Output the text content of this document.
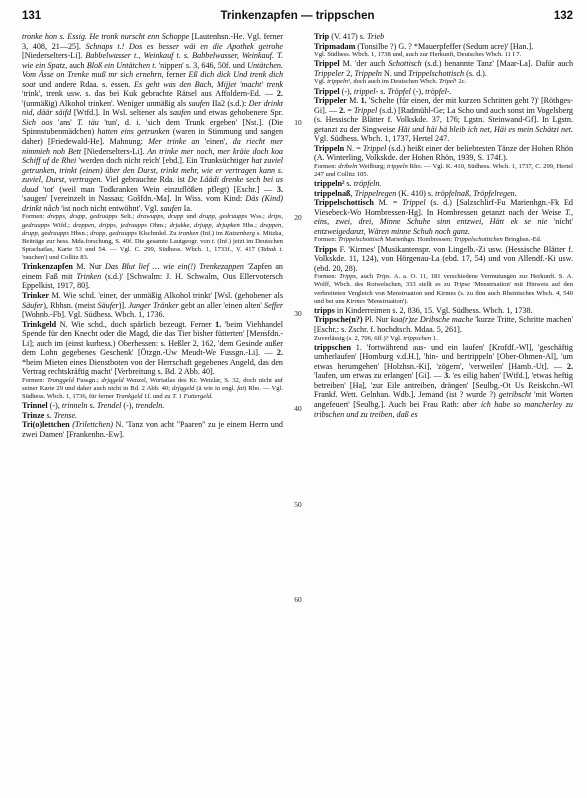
131	Trinkenzapfen — trippschen	132

tronke hon s. Essig. He tronk nurscht enn Schoppe [Lautenhsn.-He. Vgl. ferner 3, 408, 21—25]. Schnaps t.! Dos es besser wäi en die Apothek getrohe [Niederselters-Li]. Babbelwasser t., Weinkauf t. s. Babbelwasser, Weinkauf. T. wie ein Spatz, auch Bloß ein Untätchen t. 'nippen' s. 3, 646, 50f. und Untätchen. Vom Ässe on Trenke muß mr sich ernehrn, ferner Eß dich dick Und trenk dich soat und andere Rdaa. s. essen. Es geht was den Bach, Mijjet 'macht' trenk 'trink', trenk usw. s. das bei Kuk gebrachte Rätsel aus Affoldern-Ed. — 2. '(unmäßig) Alkohol trinken'. Weniger unmäßig als saufen IIa2 (s.d.): Der drinkt nid, däär säifd [Wtfd.]. In Wsl. seltener als saufen und etwas gehobenere Spr. Sich oos 'ans' T. täu 'tun', d. i. 'sich dem Trunk ergeben' [Nst.]. (Die Spinnstubenmädchen) hatten eins getrunken (waren in Stimmung und sangen daher) [Friedewald-He]. Mahnung: Mer trinke an 'einen', da riecht mer nimmieh noh Bett [Niederselters-Li]. An trinke mer noch, mer kräie doch koa Schiff uf de Rhei 'werden doch nicht reich' [ebd.]. Ein Trunksüchtiger hat zuviel getrunken, trinkt (einen) über den Durst, trinkt mehr, wie er vertragen kann s. zuviel, Durst, vertragen. Viel gebrauchte Rda. ist De Läädi drenke sech bei us duud 'tot' (weil man Todkranken Wein einzuflößen pflegt) [Eschr.] — 3. 'saugen' [vereinzelt in Nassau; Gošfdn.-Ma]. In Wiss. vom Kind: Däs (Kind) drinkt nåch 'ist noch nicht entwöhnt'. Vgl. saufen Ia.

Formen: drepps, drupp, gedruupps Selt.; drawupps, drupp und drupp, gedruupps Wss.; drips, gedruupps Wtfd.; dreppen, dripps, jedruupps Ohm.; drjukke, drjupp, drjupken Hbs.; dreppen, drupp, gedruupps Hbsn.; dropp, gedruupps Klschmkd. Zu tranken (Inf.) im Katzenberg s. Mitzka, Beiträge zur hess. Mda.forschung, S. 40f. Die gesamte Lautgeogr. von t. (Inf.) jetzt im Deutschen Sprachatlas, Karte 53 und 54. — Vgl. C. 299, Südhess. Wbch. 1, 1733f., V. 417 (Tabak t. 'rauchen') und Collitz 83.

Trinkenzapfen M. Nur Das Blut lief … wie ein(!) Trenkezappen 'Zapfen an einem Faß mit Trinken (s.d.)' [Schwalm: J. H. Schwalm, Ous Ellervotersch Eppelkist, 1917, 80].

Trinker M. Wie schd. 'einer, der unmäßig Alkohol trinkt' [Wsl. (gehobener als Säufer), Rbhsn. (meist Säufer)]. Junger Tränker gebt an aller 'einen alten' Seffer [Wohnb.-Fb]. Vgl. Südhess. Wbch. 1, 1736.

Trinkgeld N. Wie schd., doch spärlich bezeugt. Ferner 1. 'beim Viehhandel Spende für den Knecht oder die Magd, die das Tier bisher fütterten' [Mensfdn.-Li]; auch im (einst kurhess.) Oberhessen: s. Heßler 2, 162, 'dem Gesinde außer dem Lohn gegebenes Geschenk' [Ötzgn.-Uw Meudt-We Fussgn.-Li]. — 2. *beim Mieten eines Dienstboten von der Herrschaft gegebenes Angeld, das den Vertrag rechtskräftig macht' [Verbreitung s. Bd. 2 Abb. 40].

Formen: Tronggeld Fussgn.; drjqgeld Wenzel, Wortatlas des Kr. Wetzlar, S. 32, doch nicht auf seiner Karte 29 und daher auch nicht in Bd. 2 Abb. 40; drjqgeld (ä wie in engl. fat) Rho. — Vgl. Südhess. Wbch. 1, 1736, für ferner Trankgeld 1f. und zu T. 1 Futtergeld.

Trinnel (-), trinneln s. Trendel (-), trendeln.

Trinze s. Trense.

Tri(o)lettchen (Trilettchen) N. 'Tanz von acht "Paaren" zu je einem Herrn und zwei Damen' [Frankenhn.-Ew].

10
20
30
40
50
60

Trip (V. 417) s. Trieb

Tripmadam (Tonsilbe ?) G. ? *Mauerpfeffer (Sedum acre)' [Han.].

Vgl. Südhess. Wbch. 1, 1738 und, auch zur Herkunft, Deutsches Wbch. 11 I 7.

Trippel M. 'der auch Schottisch (s.d.) benannte Tanz' [Maar-La]. Dafür auch Trippeler 2, Trippeln N. und Trippelschottisch (s. d.).

Vgl. trippeln¹, doch auch im Deutschen Wbch. Tripel¹ 2c.

Trippel (-), trippel- s. Tröpfel (-), tröpfel-.

Trippeler M. 1. 'Schelte (für einen, der mit kurzen Schritten geht ?)' [Röthges-Gi]. — 2. = Trippel (s.d.) [Radmühl-Ge; La Scho und auch sonst im Vogelsberg (s. Hessische Blätter f. Volkskde. 37, 176; Lgstn. Steinwand-Gf]. In Lgstn. getanzt zu der Singweise Häi und häi hä bleib ich net, Häi es mein Schätzi net. Vgl. Südhess. Wbch. 1, 1737, Hertel 247.

Trippeln N. = Trippel (s.d.) heißt einer der beliebtesten Tänze der Hohen Rhön (A. Winterling, Volkskde. der Hohen Rhön, 1939, S. 174f.).

Formen: dribeln Weilburg; trippeln Rho. — Vgl. K. 410, Südhess. Wbch. 1, 1737, C. 299, Hertel 247 und Collitz 105.

trippeln² s. tröpfeln.

trippelnaß, Trippelregen (K. 410) s. tröpfelnaß, Tröpfelregen.

Trippelschottisch M. = Trippel (s. d.) [Salzschlirf-Fu Marienhgn.-Fk Ed Viesebeck-Wo Hombressen-Hg]. In Hombressen getanzt nach der Weise T., eins, zwei, drei, Minne Schuhe sinn entzwei, Hätt ek se nie 'nicht' entzweigedanzt, Wären minne Schuh noch ganz.

Formen: Trippelschottisch Marienhgn. Hombressen; Trippelschottichen Bringhsn.-Ed.

Tripps F. 'Kirmes' [Musikantenspr. von Lingelb.-Zi usw. (Hessische Blätter f. Volkskde. 11, 124), von Hörgenau-La (ebd. 17, 54) und von Allendf.-Ki usw. (ebd. 20, 28).

Formen: Tripps, auch Trips. A. a. O. 11, 181 verschiedene Vermutungen zur Herkunft. S. A. Wolff, Wbch. des Rotwelschen, 333 stellt es zu Tripse 'Menstruation' mit Hinweis auf den verbreiteten Vergleich von Menstruation und Kirmes (s. zu ihm auch Rheinisches Wbch. 4, 540 und bei uns Kirmes 'Menstruation').

tripps in Kinderreimen s. 2, 836, 15. Vgl. Südhess. Wbch. 1, 1738.

Trippsche(n?) Pl. Nur koa(r)ze Dribsche mache 'kurze Tritte, Schritte machen' [Eschr.: s. Zschr. f. hochdtsch. Mdaa. 5, 261].

Zuverlässig (s. 2, 706, 6ff.)? Vgl. trippschen 1.

trippschen 1. 'fortwährend aus- und ein laufen' [Krofdf.-Wl], 'geschäftig umherlaufen' [Homburg v.d.H.], 'hin- und hertrippeln' [Ober-Ohmen-Al], 'um etwas herumgehen' [Holzhsn.-Ki], 'zögern', 'verweilen' [Hamb.-Ut]. — 2. 'laufen, um etwas zu erlangen' [Gi]. — 3. 'es eilig haben' [Wtfd.], 'etwas heftig betreiben' [Ha], 'zur Eile antreiben, drängen' [Seulbg.-Ot Us Reiskchn.-Wl Frankf. Wett. Gelnhan. Wdb.]. Jemand (ist ? wurde ?) getribscht 'mit Worten angefeuert' [Seulbg.]. Auch bei Frau Rath: aber ich habe so mancherley zu tribschen und zu treiben, daß es
